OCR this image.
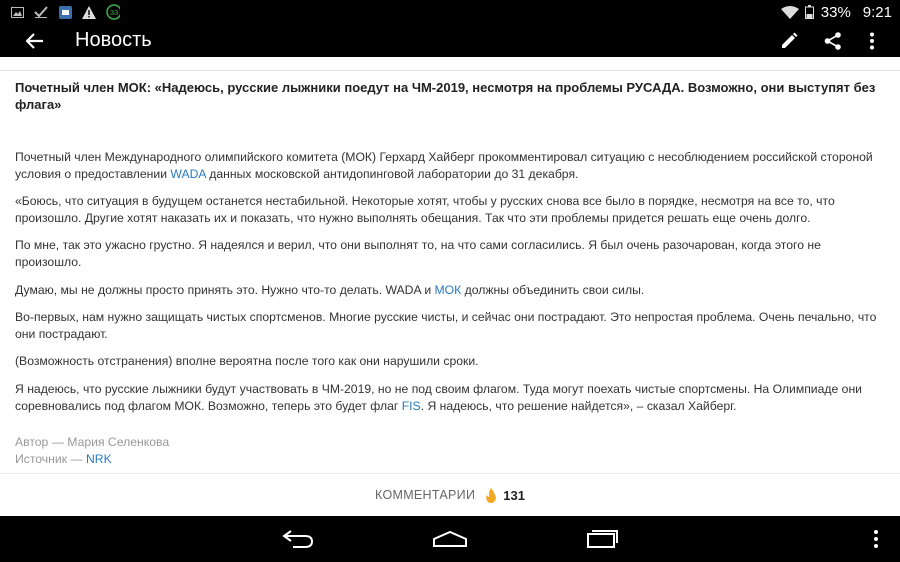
33	33% 9:21
Новость

Почетный член МОК: «Надеюсь, русские лыжники поедут на ЧМ-2019, несмотря на проблемы РУСАДА. Возможно, они выступят без флага»

Почетный член Международного олимпийского комитета (МОК) Герхард Хайберг прокомментировал ситуацию с несоблюдением российской стороной условия о предоставлении WADA данных московской антидопинговой лаборатории до 31 декабря.

«Боюсь, что ситуация в будущем останется нестабильной. Некоторые хотят, чтобы у русских снова все было в порядке, несмотря на все то, что произошло. Другие хотят наказать их и показать, что нужно выполнять обещания. Так что эти проблемы придется решать еще очень долго.

По мне, так это ужасно грустно. Я надеялся и верил, что они выполнят то, на что сами согласились. Я был очень разочарован, когда этого не произошло.

Думаю, мы не должны просто принять это. Нужно что-то делать. WADA и МОК должны объединить свои силы.

Во-первых, нам нужно защищать чистых спортсменов. Многие русские чисты, и сейчас они пострадают. Это непростая проблема. Очень печально, что они пострадают.

(Возможность отстранения) вполне вероятна после того как они нарушили сроки.

Я надеюсь, что русские лыжники будут участвовать в ЧМ-2019, но не под своим флагом. Туда могут поехать чистые спортсмены. На Олимпиаде они соревновались под флагом МОК. Возможно, теперь это будет флаг FIS. Я надеюсь, что решение найдется», – сказал Хайберг.

Автор — Мария Селенкова
Источник — NRK
КОММЕНТАРИИ 131
